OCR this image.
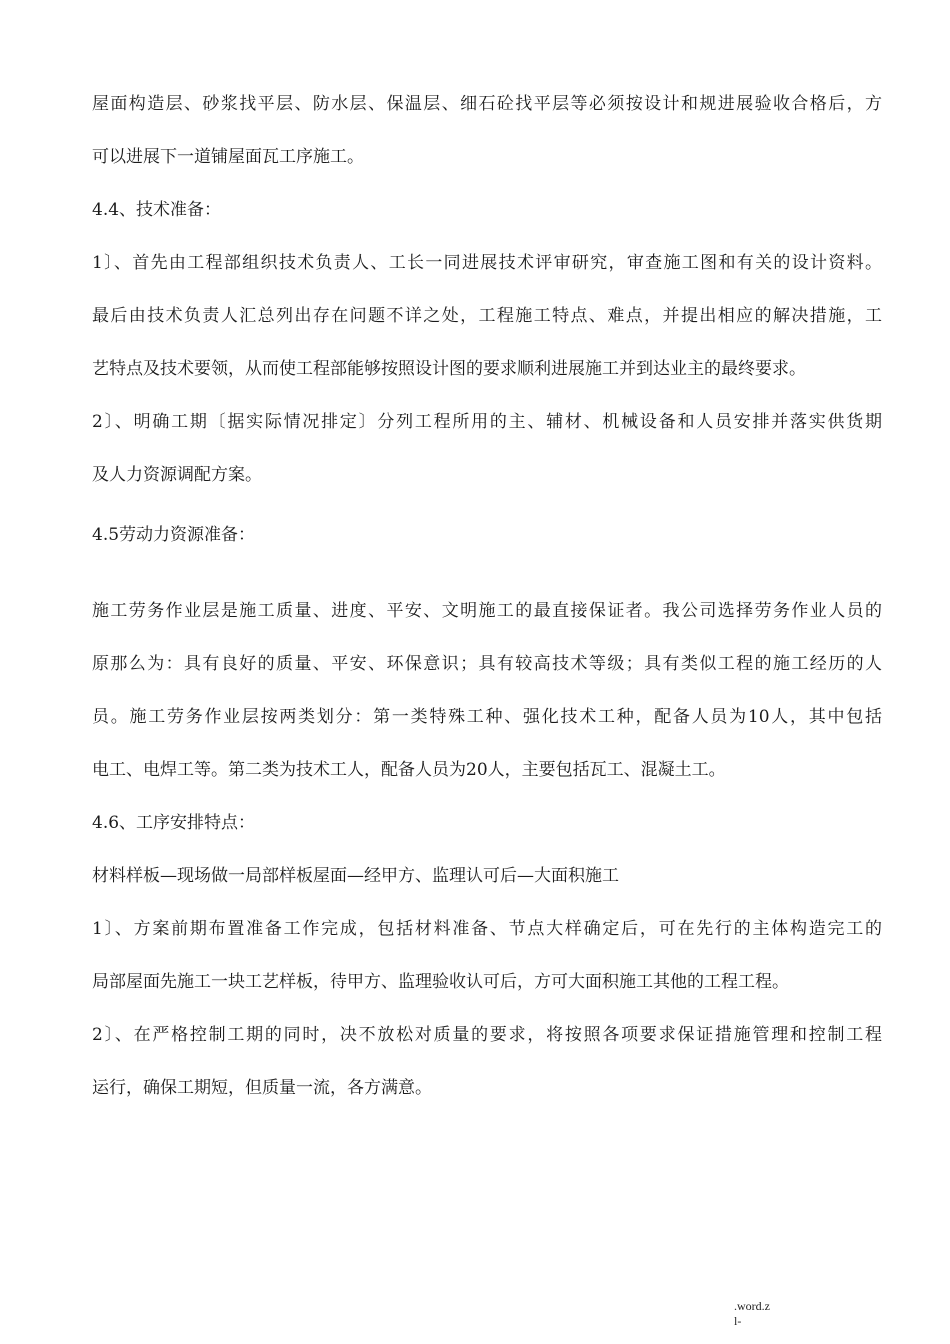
屋面构造层、砂浆找平层、防水层、保温层、细石砼找平层等必须按设计和规进展验收合格后，方
可以进展下一道铺屋面瓦工序施工。
4.4、技术准备：
1〕、首先由工程部组织技术负责人、工长一同进展技术评审研究，审查施工图和有关的设计资料。
最后由技术负责人汇总列出存在问题不详之处，工程施工特点、难点，并提出相应的解决措施，工
艺特点及技术要领，从而使工程部能够按照设计图的要求顺利进展施工并到达业主的最终要求。
2〕、明确工期〔据实际情况排定〕分列工程所用的主、辅材、机械设备和人员安排并落实供货期
及人力资源调配方案。
4.5劳动力资源准备：
施工劳务作业层是施工质量、进度、平安、文明施工的最直接保证者。我公司选择劳务作业人员的
原那么为：具有良好的质量、平安、环保意识；具有较高技术等级；具有类似工程的施工经历的人
员。施工劳务作业层按两类划分：第一类特殊工种、强化技术工种，配备人员为10人，其中包括
电工、电焊工等。第二类为技术工人，配备人员为20人，主要包括瓦工、混凝土工。
4.6、工序安排特点：
材料样板—现场做一局部样板屋面—经甲方、监理认可后—大面积施工
1〕、方案前期布置准备工作完成，包括材料准备、节点大样确定后，可在先行的主体构造完工的
局部屋面先施工一块工艺样板，待甲方、监理验收认可后，方可大面积施工其他的工程工程。
2〕、在严格控制工期的同时，决不放松对质量的要求，将按照各项要求保证措施管理和控制工程
运行，确保工期短，但质量一流，各方满意。
.word.z
l-
